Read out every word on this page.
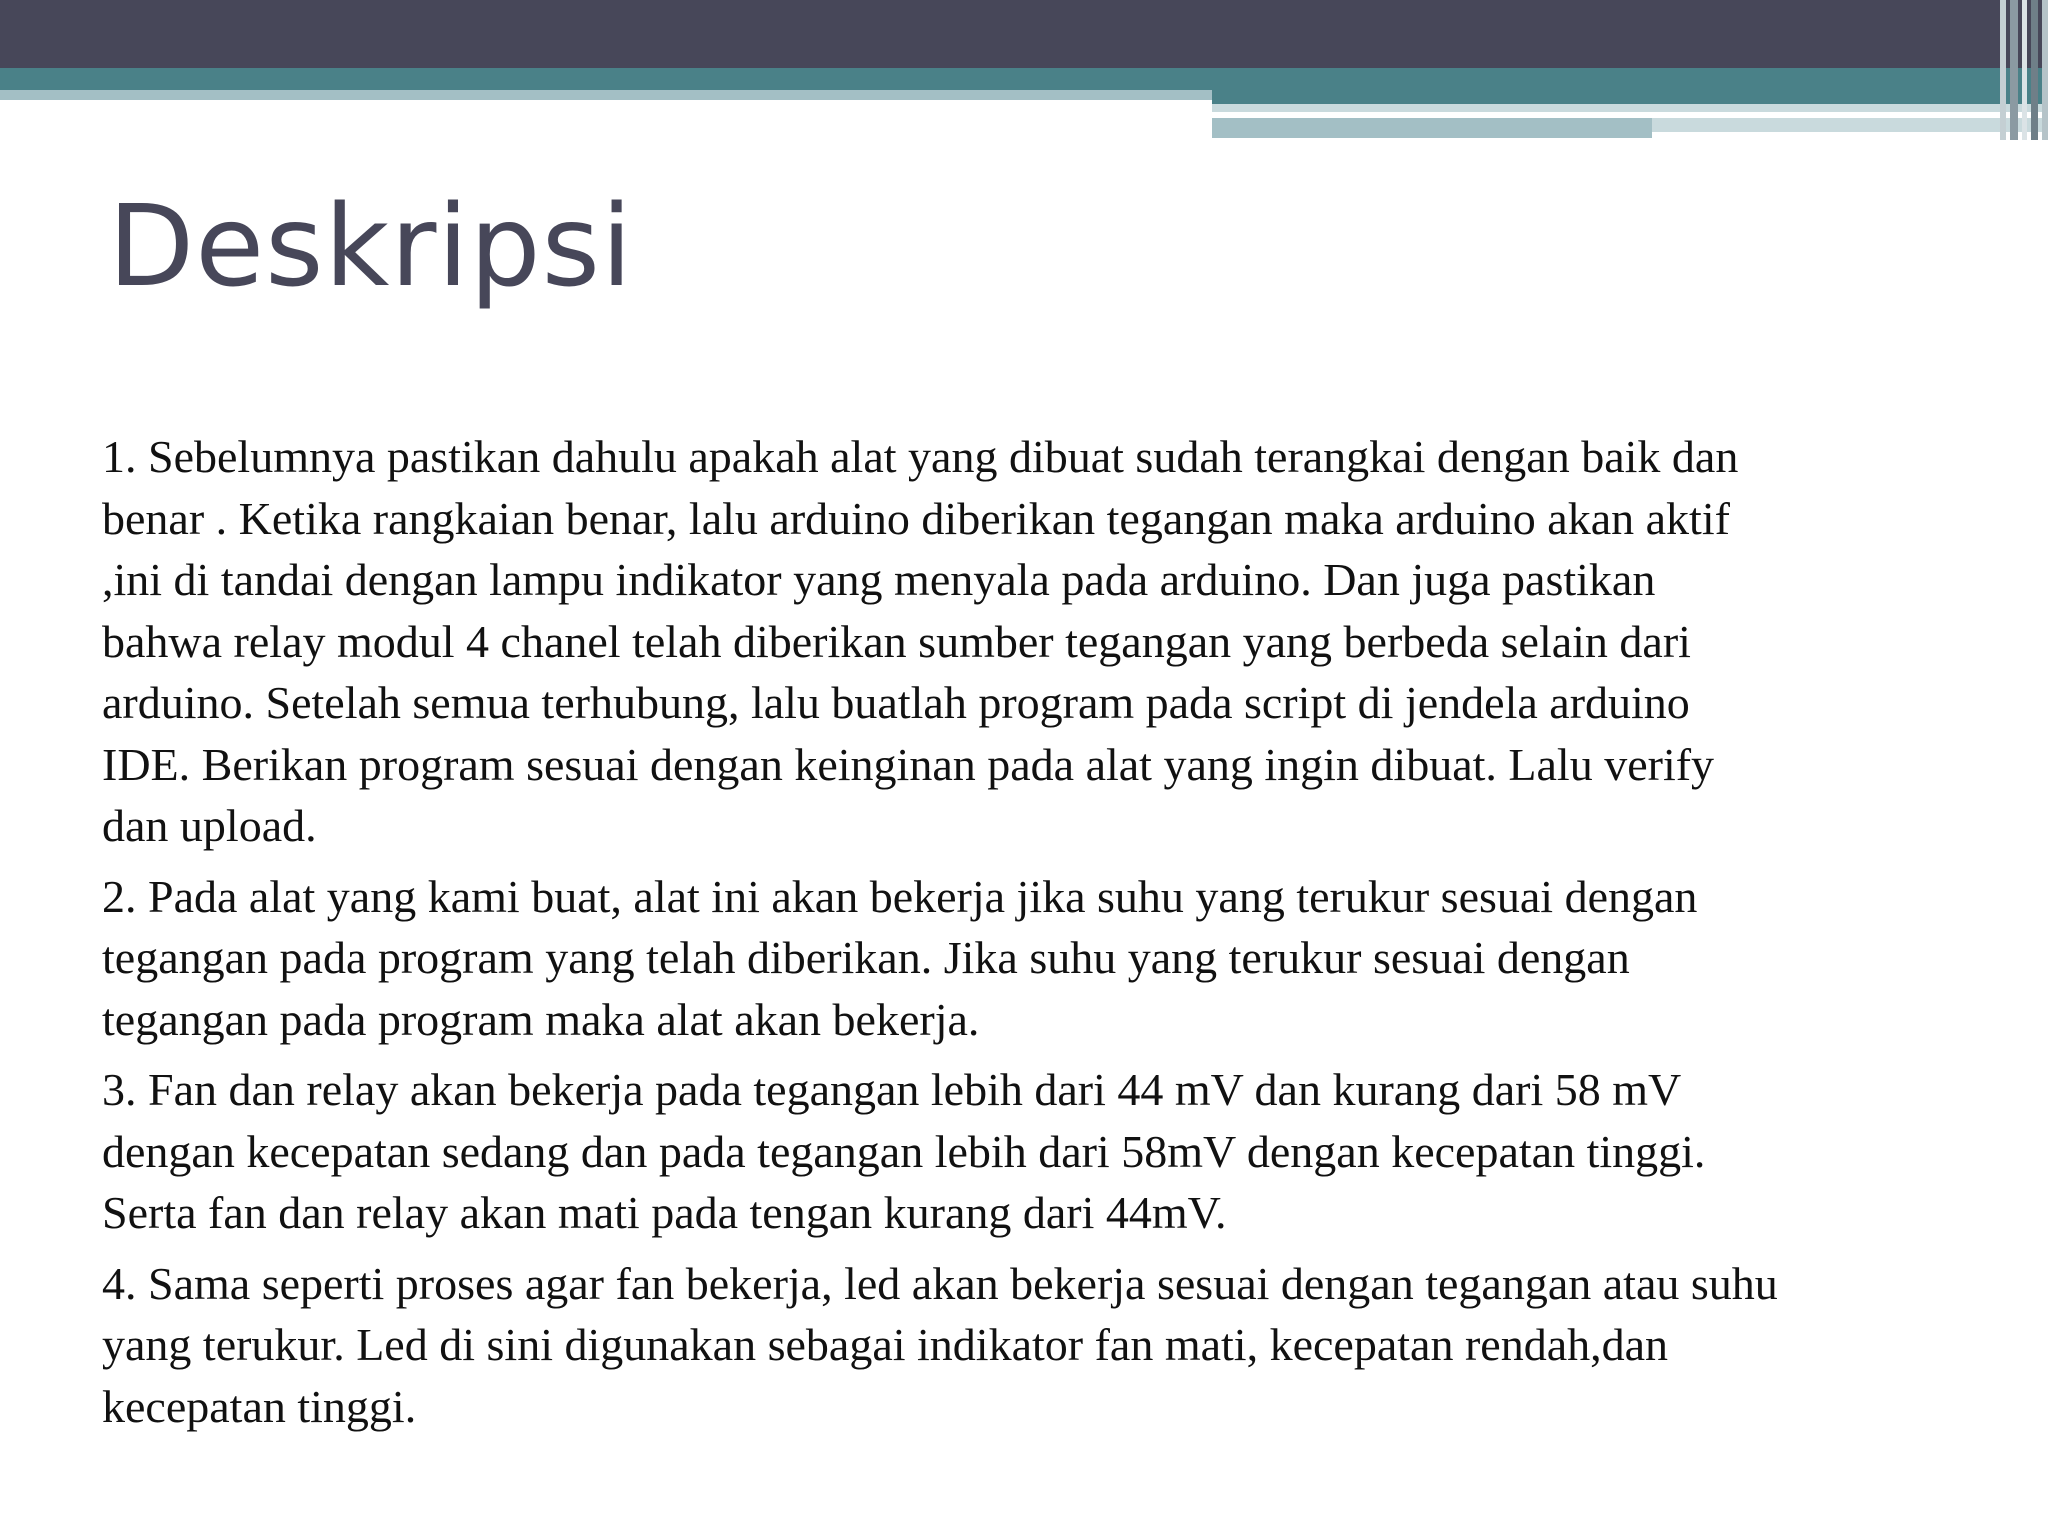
Deskripsi

1. Sebelumnya pastikan dahulu apakah alat yang dibuat sudah terangkai dengan baik dan
benar . Ketika rangkaian benar, lalu arduino diberikan tegangan maka arduino akan aktif
,ini di tandai dengan lampu indikator yang menyala pada arduino. Dan juga pastikan
bahwa relay modul 4 chanel telah diberikan sumber tegangan yang berbeda selain dari
arduino. Setelah semua terhubung, lalu buatlah program pada script di jendela arduino
IDE. Berikan program sesuai dengan keinginan pada alat yang ingin dibuat. Lalu verify
dan upload.

2. Pada alat yang kami buat, alat ini akan bekerja jika suhu yang terukur sesuai dengan
tegangan pada program yang telah diberikan. Jika suhu yang terukur sesuai dengan
tegangan pada program maka alat akan bekerja.

3. Fan dan relay akan bekerja pada tegangan lebih dari 44 mV dan kurang dari 58 mV
dengan kecepatan sedang dan pada tegangan lebih dari 58mV dengan kecepatan tinggi.
Serta fan dan relay akan mati pada tengan kurang dari 44mV.

4. Sama seperti proses agar fan bekerja, led akan bekerja sesuai dengan tegangan atau suhu
yang terukur. Led di sini digunakan sebagai indikator fan mati, kecepatan rendah,dan
kecepatan tinggi.
